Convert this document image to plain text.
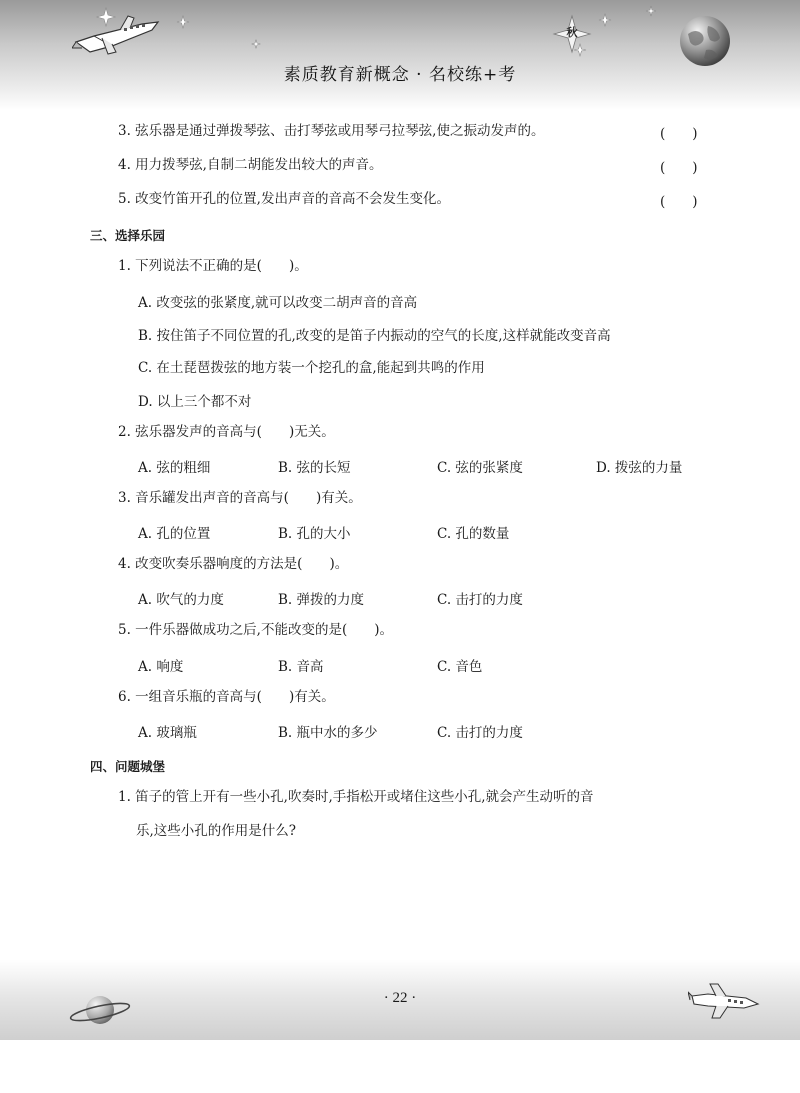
秋
素质教育新概念 · 名校练+考
3. 弦乐器是通过弹拨琴弦、击打琴弦或用琴弓拉琴弦,使之振动发声的。	(　　)
4. 用力拨琴弦,自制二胡能发出较大的声音。	(　　)
5. 改变竹笛开孔的位置,发出声音的音高不会发生变化。	(　　)
三、选择乐园
1. 下列说法不正确的是(　　)。
A. 改变弦的张紧度,就可以改变二胡声音的音高
B. 按住笛子不同位置的孔,改变的是笛子内振动的空气的长度,这样就能改变音高
C. 在土琵琶拨弦的地方装一个挖孔的盒,能起到共鸣的作用
D. 以上三个都不对
2. 弦乐器发声的音高与(　　)无关。
A. 弦的粗细	B. 弦的长短	C. 弦的张紧度	D. 拨弦的力量
3. 音乐罐发出声音的音高与(　　)有关。
A. 孔的位置	B. 孔的大小	C. 孔的数量
4. 改变吹奏乐器响度的方法是(　　)。
A. 吹气的力度	B. 弹拨的力度	C. 击打的力度
5. 一件乐器做成功之后,不能改变的是(　　)。
A. 响度	B. 音高	C. 音色
6. 一组音乐瓶的音高与(　　)有关。
A. 玻璃瓶	B. 瓶中水的多少	C. 击打的力度
四、问题城堡
1. 笛子的管上开有一些小孔,吹奏时,手指松开或堵住这些小孔,就会产生动听的音
乐,这些小孔的作用是什么?
· 22 ·
